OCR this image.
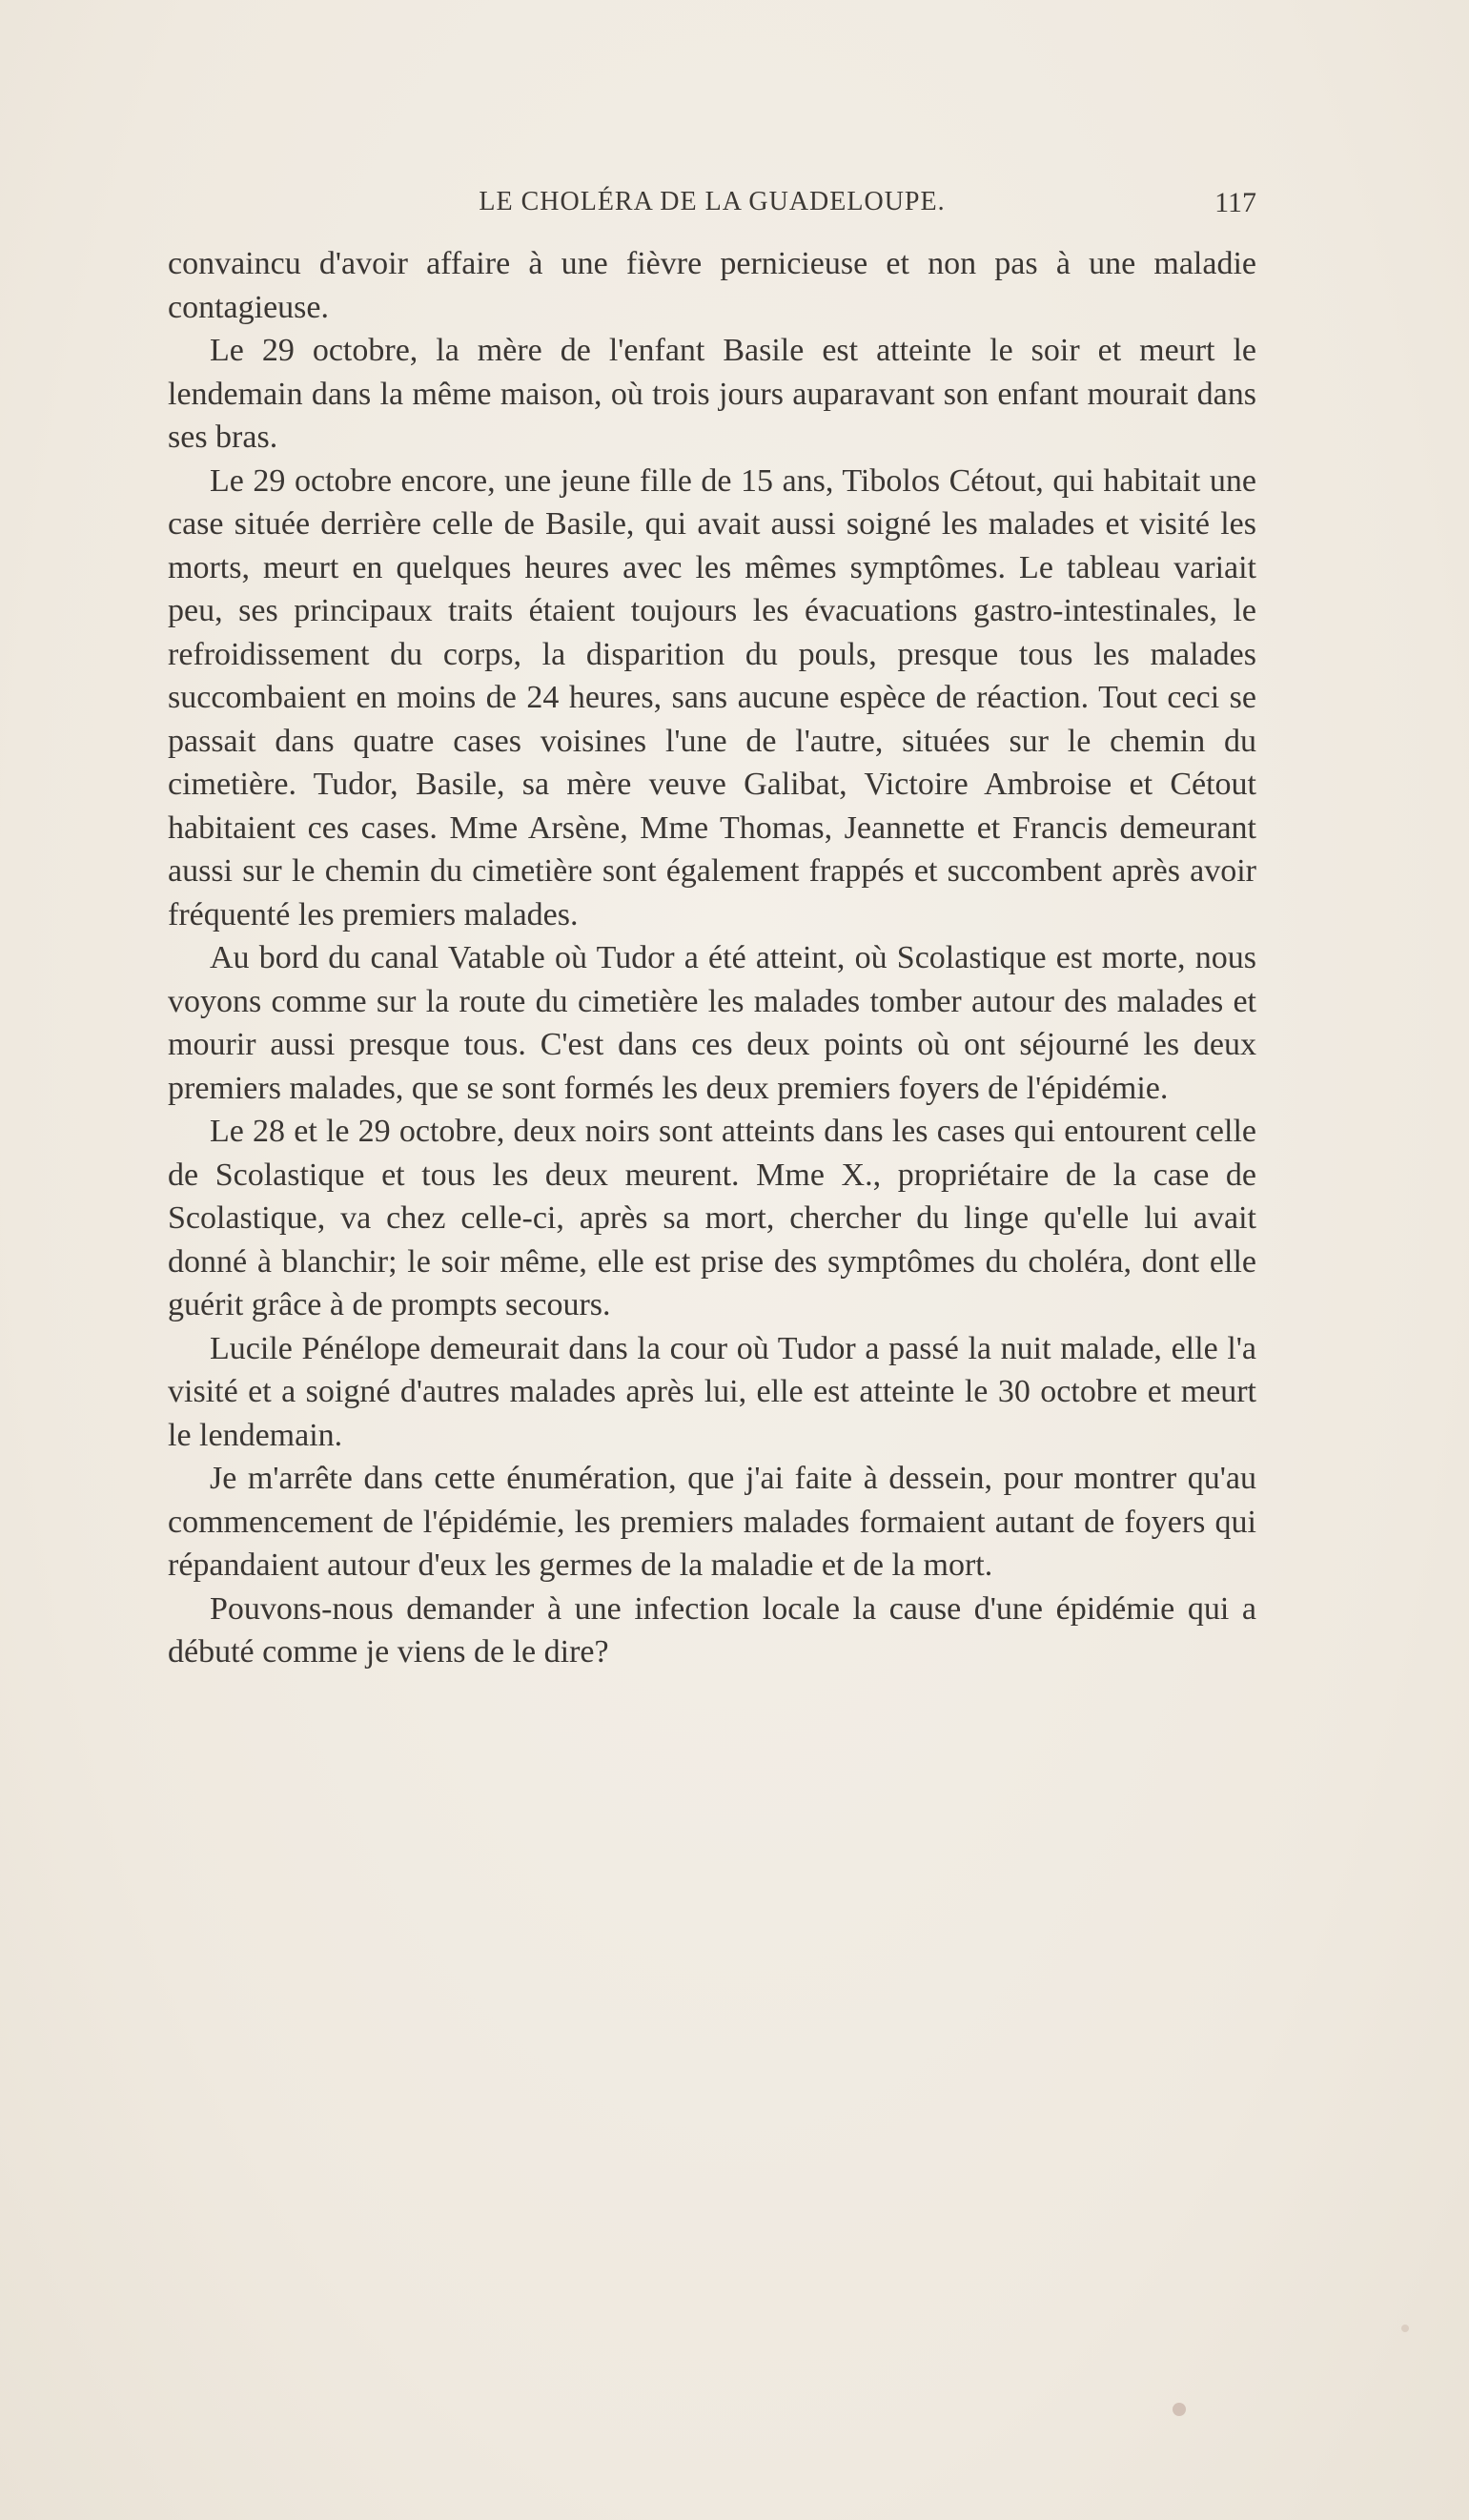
LE CHOLÉRA DE LA GUADELOUPE.	117

convaincu d'avoir affaire à une fièvre pernicieuse et non pas à une maladie contagieuse.

Le 29 octobre, la mère de l'enfant Basile est atteinte le soir et meurt le lendemain dans la même maison, où trois jours auparavant son enfant mourait dans ses bras.

Le 29 octobre encore, une jeune fille de 15 ans, Tibolos Cétout, qui habitait une case située derrière celle de Basile, qui avait aussi soigné les malades et visité les morts, meurt en quelques heures avec les mêmes symptômes. Le tableau variait peu, ses principaux traits étaient toujours les évacuations gastro-intestinales, le refroidissement du corps, la disparition du pouls, presque tous les malades succombaient en moins de 24 heures, sans aucune espèce de réaction. Tout ceci se passait dans quatre cases voisines l'une de l'autre, situées sur le chemin du cimetière. Tudor, Basile, sa mère veuve Galibat, Victoire Ambroise et Cétout habitaient ces cases. Mme Arsène, Mme Thomas, Jeannette et Francis demeurant aussi sur le chemin du cimetière sont également frappés et succombent après avoir fréquenté les premiers malades.

Au bord du canal Vatable où Tudor a été atteint, où Scolastique est morte, nous voyons comme sur la route du cimetière les malades tomber autour des malades et mourir aussi presque tous. C'est dans ces deux points où ont séjourné les deux premiers malades, que se sont formés les deux premiers foyers de l'épidémie.

Le 28 et le 29 octobre, deux noirs sont atteints dans les cases qui entourent celle de Scolastique et tous les deux meurent. Mme X., propriétaire de la case de Scolastique, va chez celle-ci, après sa mort, chercher du linge qu'elle lui avait donné à blanchir; le soir même, elle est prise des symptômes du choléra, dont elle guérit grâce à de prompts secours.

Lucile Pénélope demeurait dans la cour où Tudor a passé la nuit malade, elle l'a visité et a soigné d'autres malades après lui, elle est atteinte le 30 octobre et meurt le lendemain.

Je m'arrête dans cette énumération, que j'ai faite à dessein, pour montrer qu'au commencement de l'épidémie, les premiers malades formaient autant de foyers qui répandaient autour d'eux les germes de la maladie et de la mort.

Pouvons-nous demander à une infection locale la cause d'une épidémie qui a débuté comme je viens de le dire?
